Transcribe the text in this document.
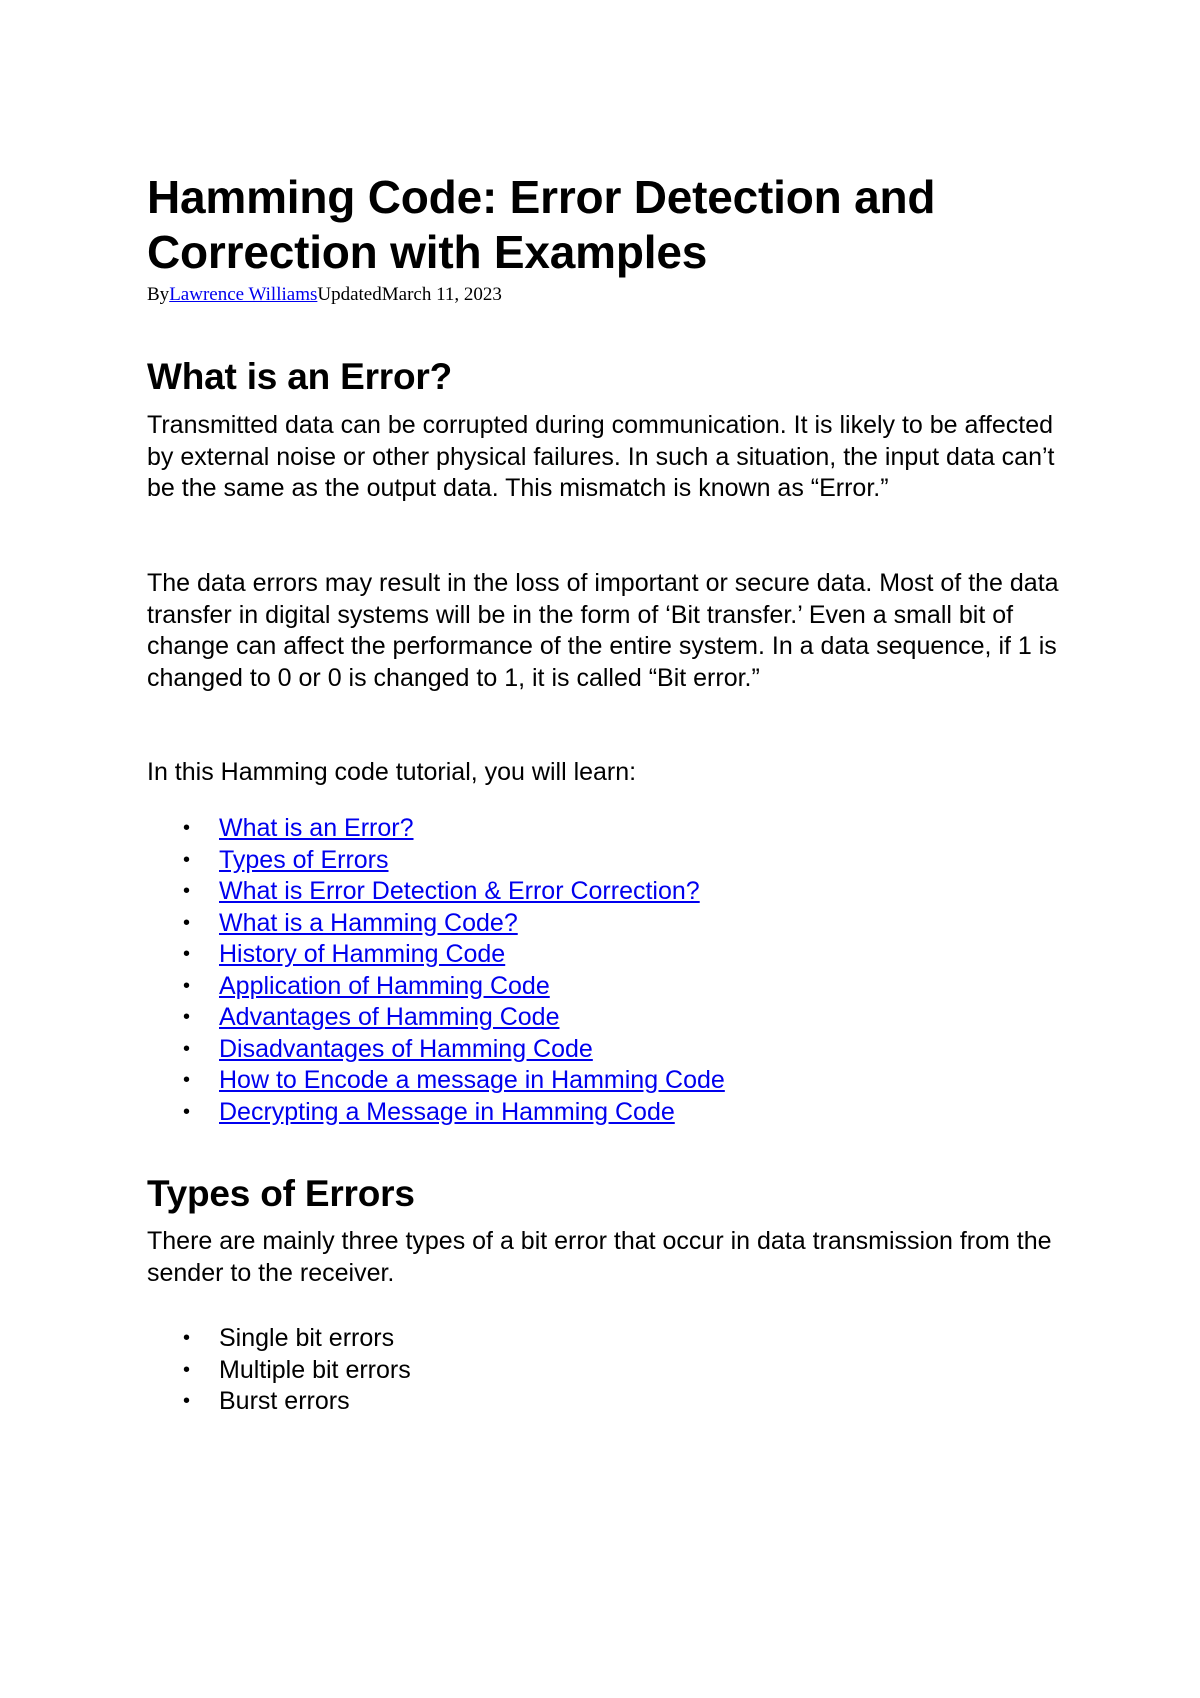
Hamming Code: Error Detection and Correction with Examples
ByLawrence WilliamsUpdatedMarch 11, 2023
What is an Error?

Transmitted data can be corrupted during communication. It is likely to be affected by external noise or other physical failures. In such a situation, the input data can’t be the same as the output data. This mismatch is known as “Error.”

The data errors may result in the loss of important or secure data. Most of the data transfer in digital systems will be in the form of ‘Bit transfer.’ Even a small bit of change can affect the performance of the entire system. In a data sequence, if 1 is changed to 0 or 0 is changed to 1, it is called “Bit error.”

In this Hamming code tutorial, you will learn:

• What is an Error?
• Types of Errors
• What is Error Detection & Error Correction?
• What is a Hamming Code?
• History of Hamming Code
• Application of Hamming Code
• Advantages of Hamming Code
• Disadvantages of Hamming Code
• How to Encode a message in Hamming Code
• Decrypting a Message in Hamming Code
Types of Errors

There are mainly three types of a bit error that occur in data transmission from the sender to the receiver.

• Single bit errors
• Multiple bit errors
• Burst errors
